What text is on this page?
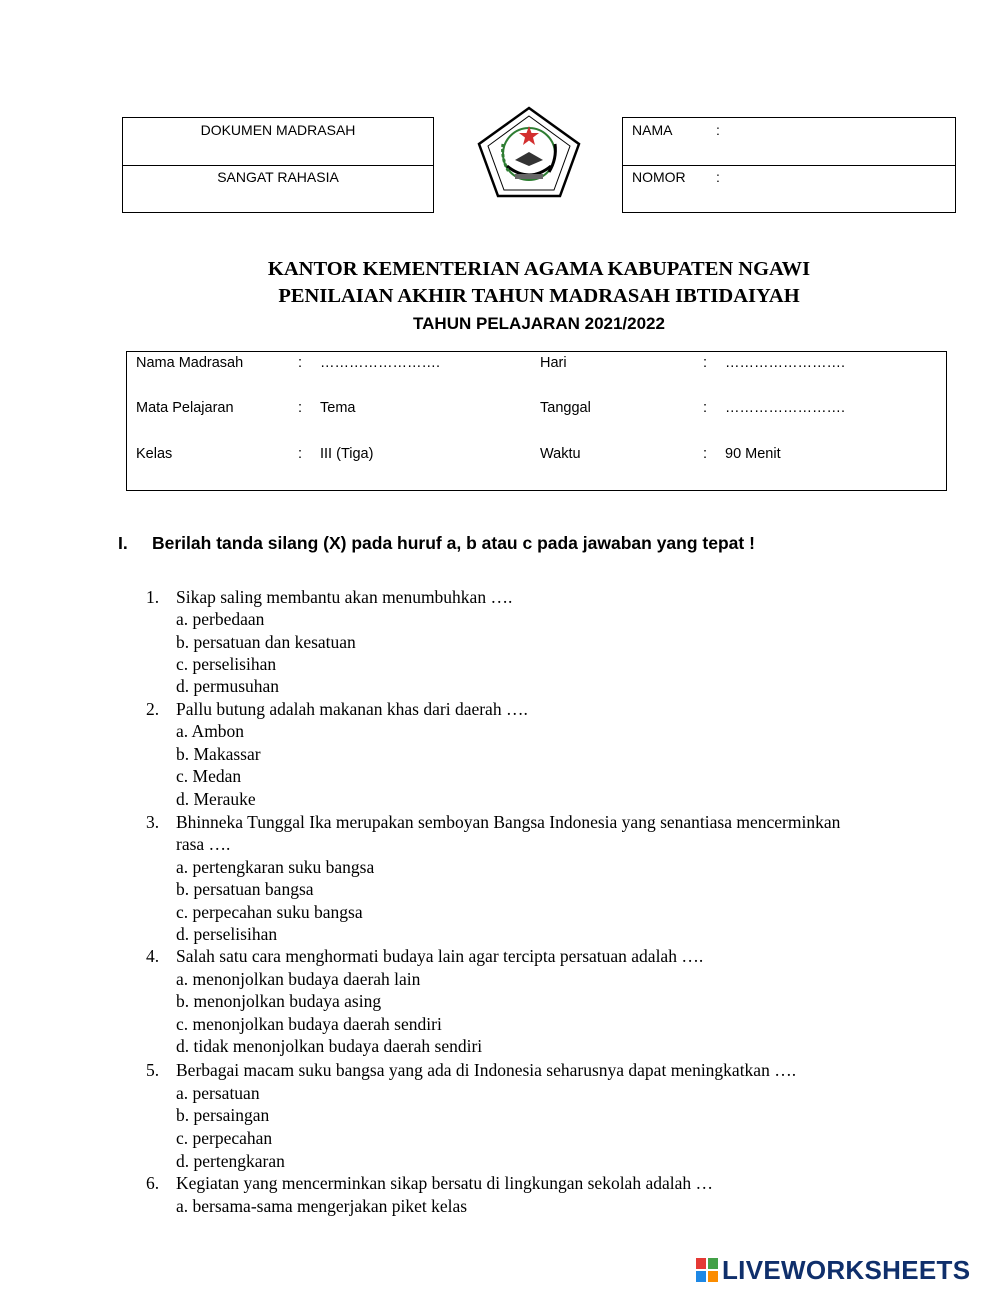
DOKUMEN MADRASAH
SANGAT RAHASIA
NAMA	:
NOMOR :
KANTOR KEMENTERIAN AGAMA KABUPATEN NGAWI
PENILAIAN AKHIR TAHUN MADRASAH IBTIDAIYAH
TAHUN PELAJARAN 2021/2022
Nama Madrasah	: …………………….	Hari	: …………………….
Mata Pelajaran	: Tema	Tanggal	: …………………….
Kelas	: III (Tiga)	Waktu	: 90 Menit
I. Berilah tanda silang (X) pada huruf a, b atau c pada jawaban yang tepat !
1. Sikap saling membantu akan menumbuhkan ….
a. perbedaan
b. persatuan dan kesatuan
c. perselisihan
d. permusuhan
2. Pallu butung adalah makanan khas dari daerah ….
a. Ambon
b. Makassar
c. Medan
d. Merauke
3. Bhinneka Tunggal Ika merupakan semboyan Bangsa Indonesia yang senantiasa mencerminkan
rasa ….
a. pertengkaran suku bangsa
b. persatuan bangsa
c. perpecahan suku bangsa
d. perselisihan
4. Salah satu cara menghormati budaya lain agar tercipta persatuan adalah ….
a. menonjolkan budaya daerah lain
b. menonjolkan budaya asing
c. menonjolkan budaya daerah sendiri
d. tidak menonjolkan budaya daerah sendiri
5. Berbagai macam suku bangsa yang ada di Indonesia seharusnya dapat meningkatkan ….
a. persatuan
b. persaingan
c. perpecahan
d. pertengkaran
6. Kegiatan yang mencerminkan sikap bersatu di lingkungan sekolah adalah …
a. bersama-sama mengerjakan piket kelas
LIVEWORKSHEETS
